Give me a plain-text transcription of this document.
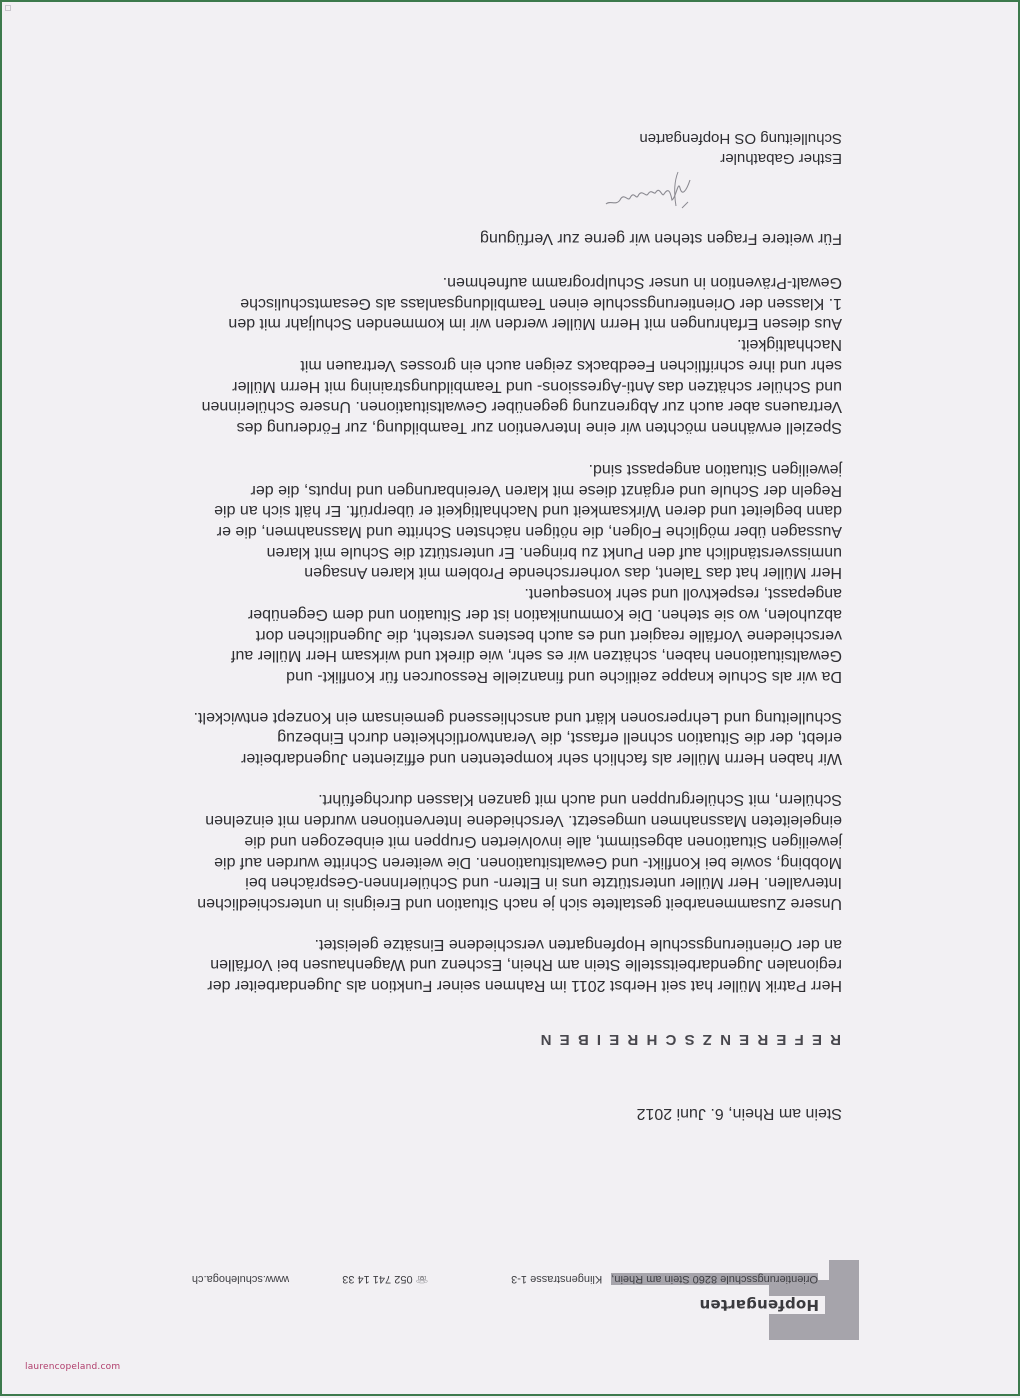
Hopfengarten
Orientierungsschule 8260 Stein am Rhein, Klingenstrasse 1-3 ☏052 741 14 33 www.schulehoga.ch
Stein am Rhein, 6. Juni 2012
REFERENZSCHREIBEN

Herr Patrik Müller hat seit Herbst 2011 im Rahmen seiner Funktion als Jugendarbeiter der

regionalen Jugendarbeitsstelle Stein am Rhein, Eschenz und Wagenhausen bei Vorfällen

an der Orientierungsschule Hopfengarten verschiedene Einsätze geleistet.

Unsere Zusammenarbeit gestaltete sich je nach Situation und Ereignis in unterschiedlichen

Intervallen. Herr Müller unterstützte uns in Eltern- und SchülerInnen-Gesprächen bei

Mobbing, sowie bei Konflikt- und Gewaltsituationen. Die weiteren Schritte wurden auf die

jeweiligen Situationen abgestimmt, alle involvierten Gruppen mit einbezogen und die

eingeleiteten Massnahmen umgesetzt. Verschiedene Interventionen wurden mit einzelnen

Schülern, mit Schülergruppen und auch mit ganzen Klassen durchgeführt.

Wir haben Herrn Müller als fachlich sehr kompetenten und effizienten Jugendarbeiter

erlebt, der die Situation schnell erfasst, die Verantwortlichkeiten durch Einbezug

Schulleitung und Lehrpersonen klärt und anschliessend gemeinsam ein Konzept entwickelt.

Da wir als Schule knappe zeitliche und finanzielle Ressourcen für Konflikt- und

Gewaltsituationen haben, schätzen wir es sehr, wie direkt und wirksam Herr Müller auf

verschiedene Vorfälle reagiert und es auch bestens versteht, die Jugendlichen dort

abzuholen, wo sie stehen. Die Kommunikation ist der Situation und dem Gegenüber

angepasst, respektvoll und sehr konsequent.

Herr Müller hat das Talent, das vorherrschende Problem mit klaren Ansagen

unmissverständlich auf den Punkt zu bringen. Er unterstützt die Schule mit klaren

Aussagen über mögliche Folgen, die nötigen nächsten Schritte und Massnahmen, die er

dann begleitet und deren Wirksamkeit und Nachhaltigkeit er überprüft. Er hält sich an die

Regeln der Schule und ergänzt diese mit klaren Vereinbarungen und Inputs, die der

jeweiligen Situation angepasst sind.

Speziell erwähnen möchten wir eine Intervention zur Teambildung, zur Förderung des

Vertrauens aber auch zur Abgrenzung gegenüber Gewaltsituationen. Unsere Schülerinnen

und Schüler schätzen das Anti-Agressions- und Teambildungstraining mit Herrn Müller

sehr und ihre schriftlichen Feedbacks zeigen auch ein grosses Vertrauen mit

Nachhaltigkeit.

Aus diesen Erfahrungen mit Herrn Müller werden wir im kommenden Schuljahr mit den

1. Klassen der Orientierungsschule einen Teambildungsanlass als Gesamtschulische

Gewalt-Prävention in unser Schulprogramm aufnehmen.

Für weitere Fragen stehen wir gerne zur Verfügung
Esther Gabathuler
Schulleitung OS Hopfengarten
laurencopeland.com
